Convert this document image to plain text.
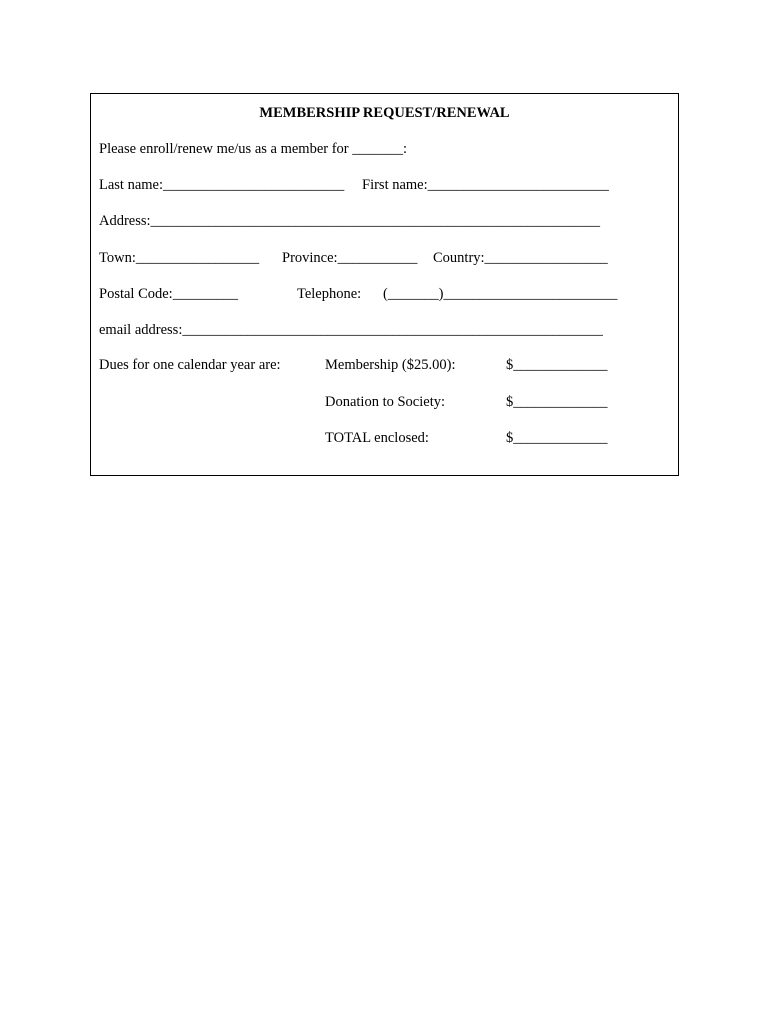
MEMBERSHIP REQUEST/RENEWAL
Please enroll/renew me/us as a member for _______:
Last name:_________________________ First name:_________________________
Address:______________________________________________________________
Town:_________________ Province:___________ Country:_________________
Postal Code:_________	Telephone: (_______)________________________
email address:__________________________________________________________
Dues for one calendar year are:	Membership ($25.00):	$_____________
Donation to Society:	$_____________
TOTAL enclosed:	$_____________
